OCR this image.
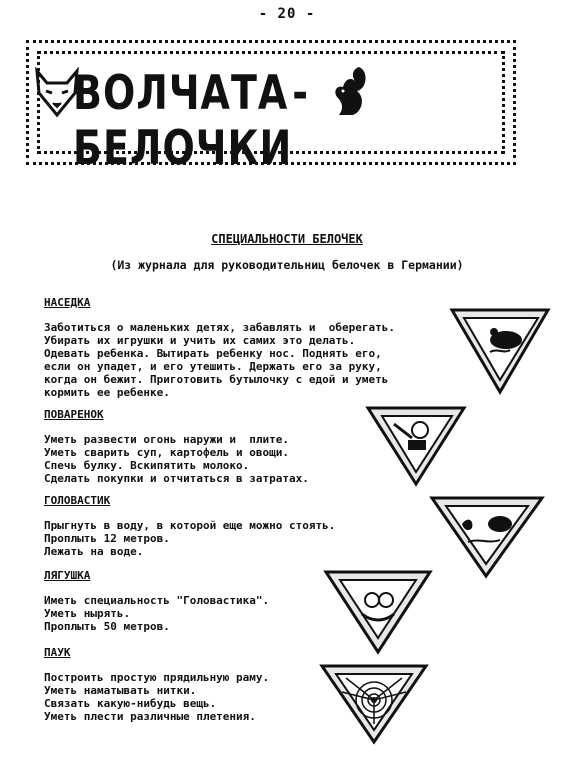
- 20 -
ВОЛЧАТА -БЕЛОЧКИ
СПЕЦИАЛЬНОСТИ БЕЛОЧЕК
(Из журнала для руководительниц белочек в Германии)
НАСЕДКА
Заботиться о маленьких детях, забавлять и  оберегать.
Убирать их игрушки и учить их самих это делать.
Одевать ребенка. Вытирать ребенку нос. Поднять его,
если он упадет, и его утешить. Держать его за руку,
когда он бежит. Приготовить бутылочку с едой и уметь
кормить ее ребенке.
ПОВАРЕНОК
Уметь развести огонь наружи и  плите.
Уметь сварить суп, картофель и овощи.
Спечь булку. Вскипятить молоко.
Сделать покупки и отчитаться в затратах.
ГОЛОВАСТИК
Прыгнуть в воду, в которой еще можно стоять.
Проплыть 12 метров.
Лежать на воде.
ЛЯГУШКА
Иметь специальность "Головастика".
Уметь нырять.
Проплыть 50 метров.
ПАУК
Построить простую прядильную раму.
Уметь наматывать нитки.
Связать какую-нибудь вещь.
Уметь плести различные плетения.
